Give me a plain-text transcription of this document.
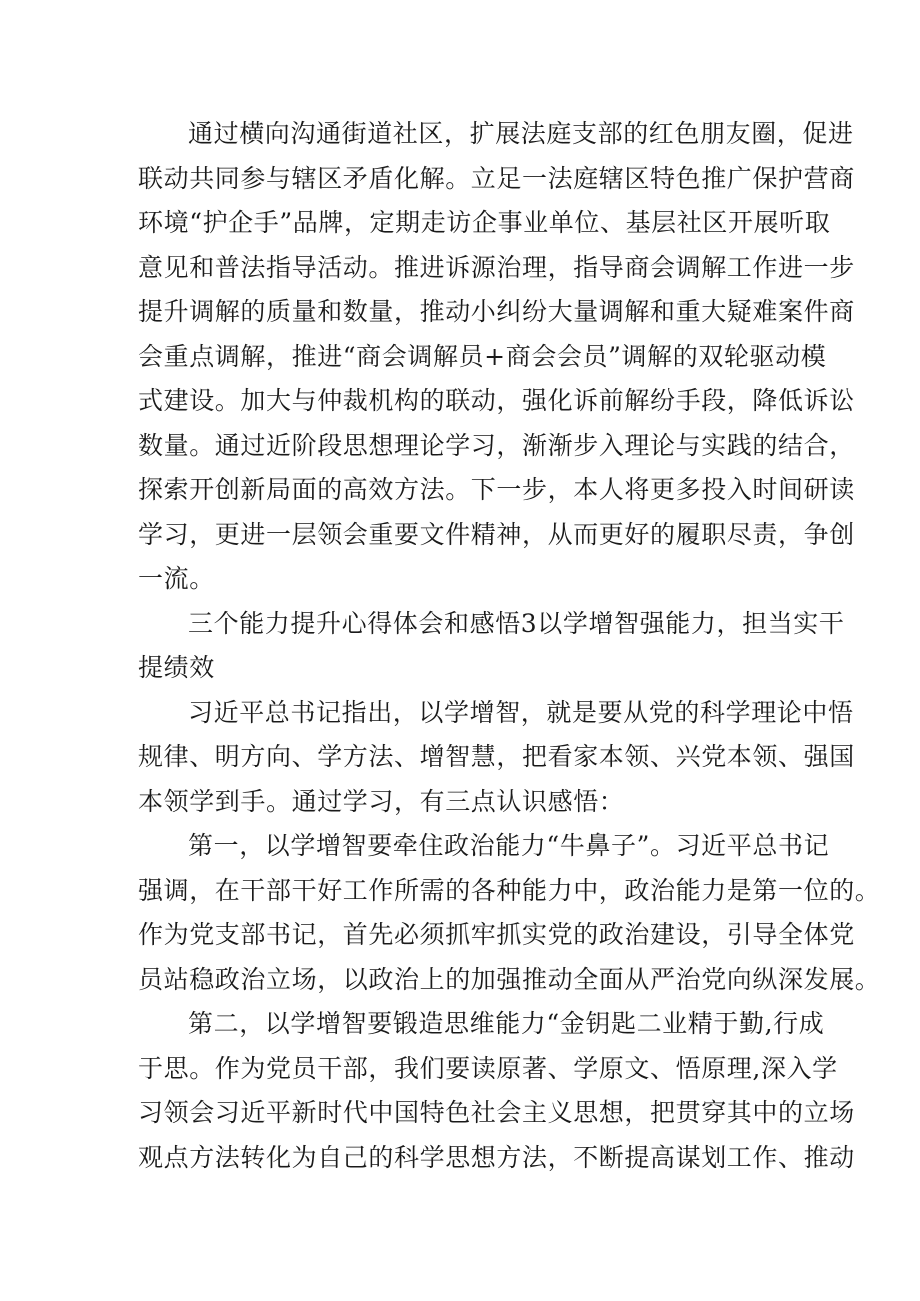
通过横向沟通街道社区，扩展法庭支部的红色朋友圈，促进
联动共同参与辖区矛盾化解。立足一法庭辖区特色推广保护营商
环境“护企手”品牌，定期走访企事业单位、基层社区开展听取
意见和普法指导活动。推进诉源治理，指导商会调解工作进一步
提升调解的质量和数量，推动小纠纷大量调解和重大疑难案件商
会重点调解，推进“商会调解员+商会会员”调解的双轮驱动模
式建设。加大与仲裁机构的联动，强化诉前解纷手段，降低诉讼
数量。通过近阶段思想理论学习，渐渐步入理论与实践的结合，
探索开创新局面的高效方法。下一步，本人将更多投入时间研读
学习，更进一层领会重要文件精神，从而更好的履职尽责，争创
一流。
三个能力提升心得体会和感悟3以学增智强能力，担当实干
提绩效
习近平总书记指出，以学增智，就是要从党的科学理论中悟
规律、明方向、学方法、增智慧，把看家本领、兴党本领、强国
本领学到手。通过学习，有三点认识感悟：
第一，以学增智要牵住政治能力“牛鼻子”。习近平总书记
强调，在干部干好工作所需的各种能力中，政治能力是第一位的。
作为党支部书记，首先必须抓牢抓实党的政治建设，引导全体党
员站稳政治立场，以政治上的加强推动全面从严治党向纵深发展。
第二，以学增智要锻造思维能力“金钥匙二业精于勤,行成
于思。作为党员干部，我们要读原著、学原文、悟原理,深入学
习领会习近平新时代中国特色社会主义思想，把贯穿其中的立场
观点方法转化为自己的科学思想方法，不断提高谋划工作、推动
